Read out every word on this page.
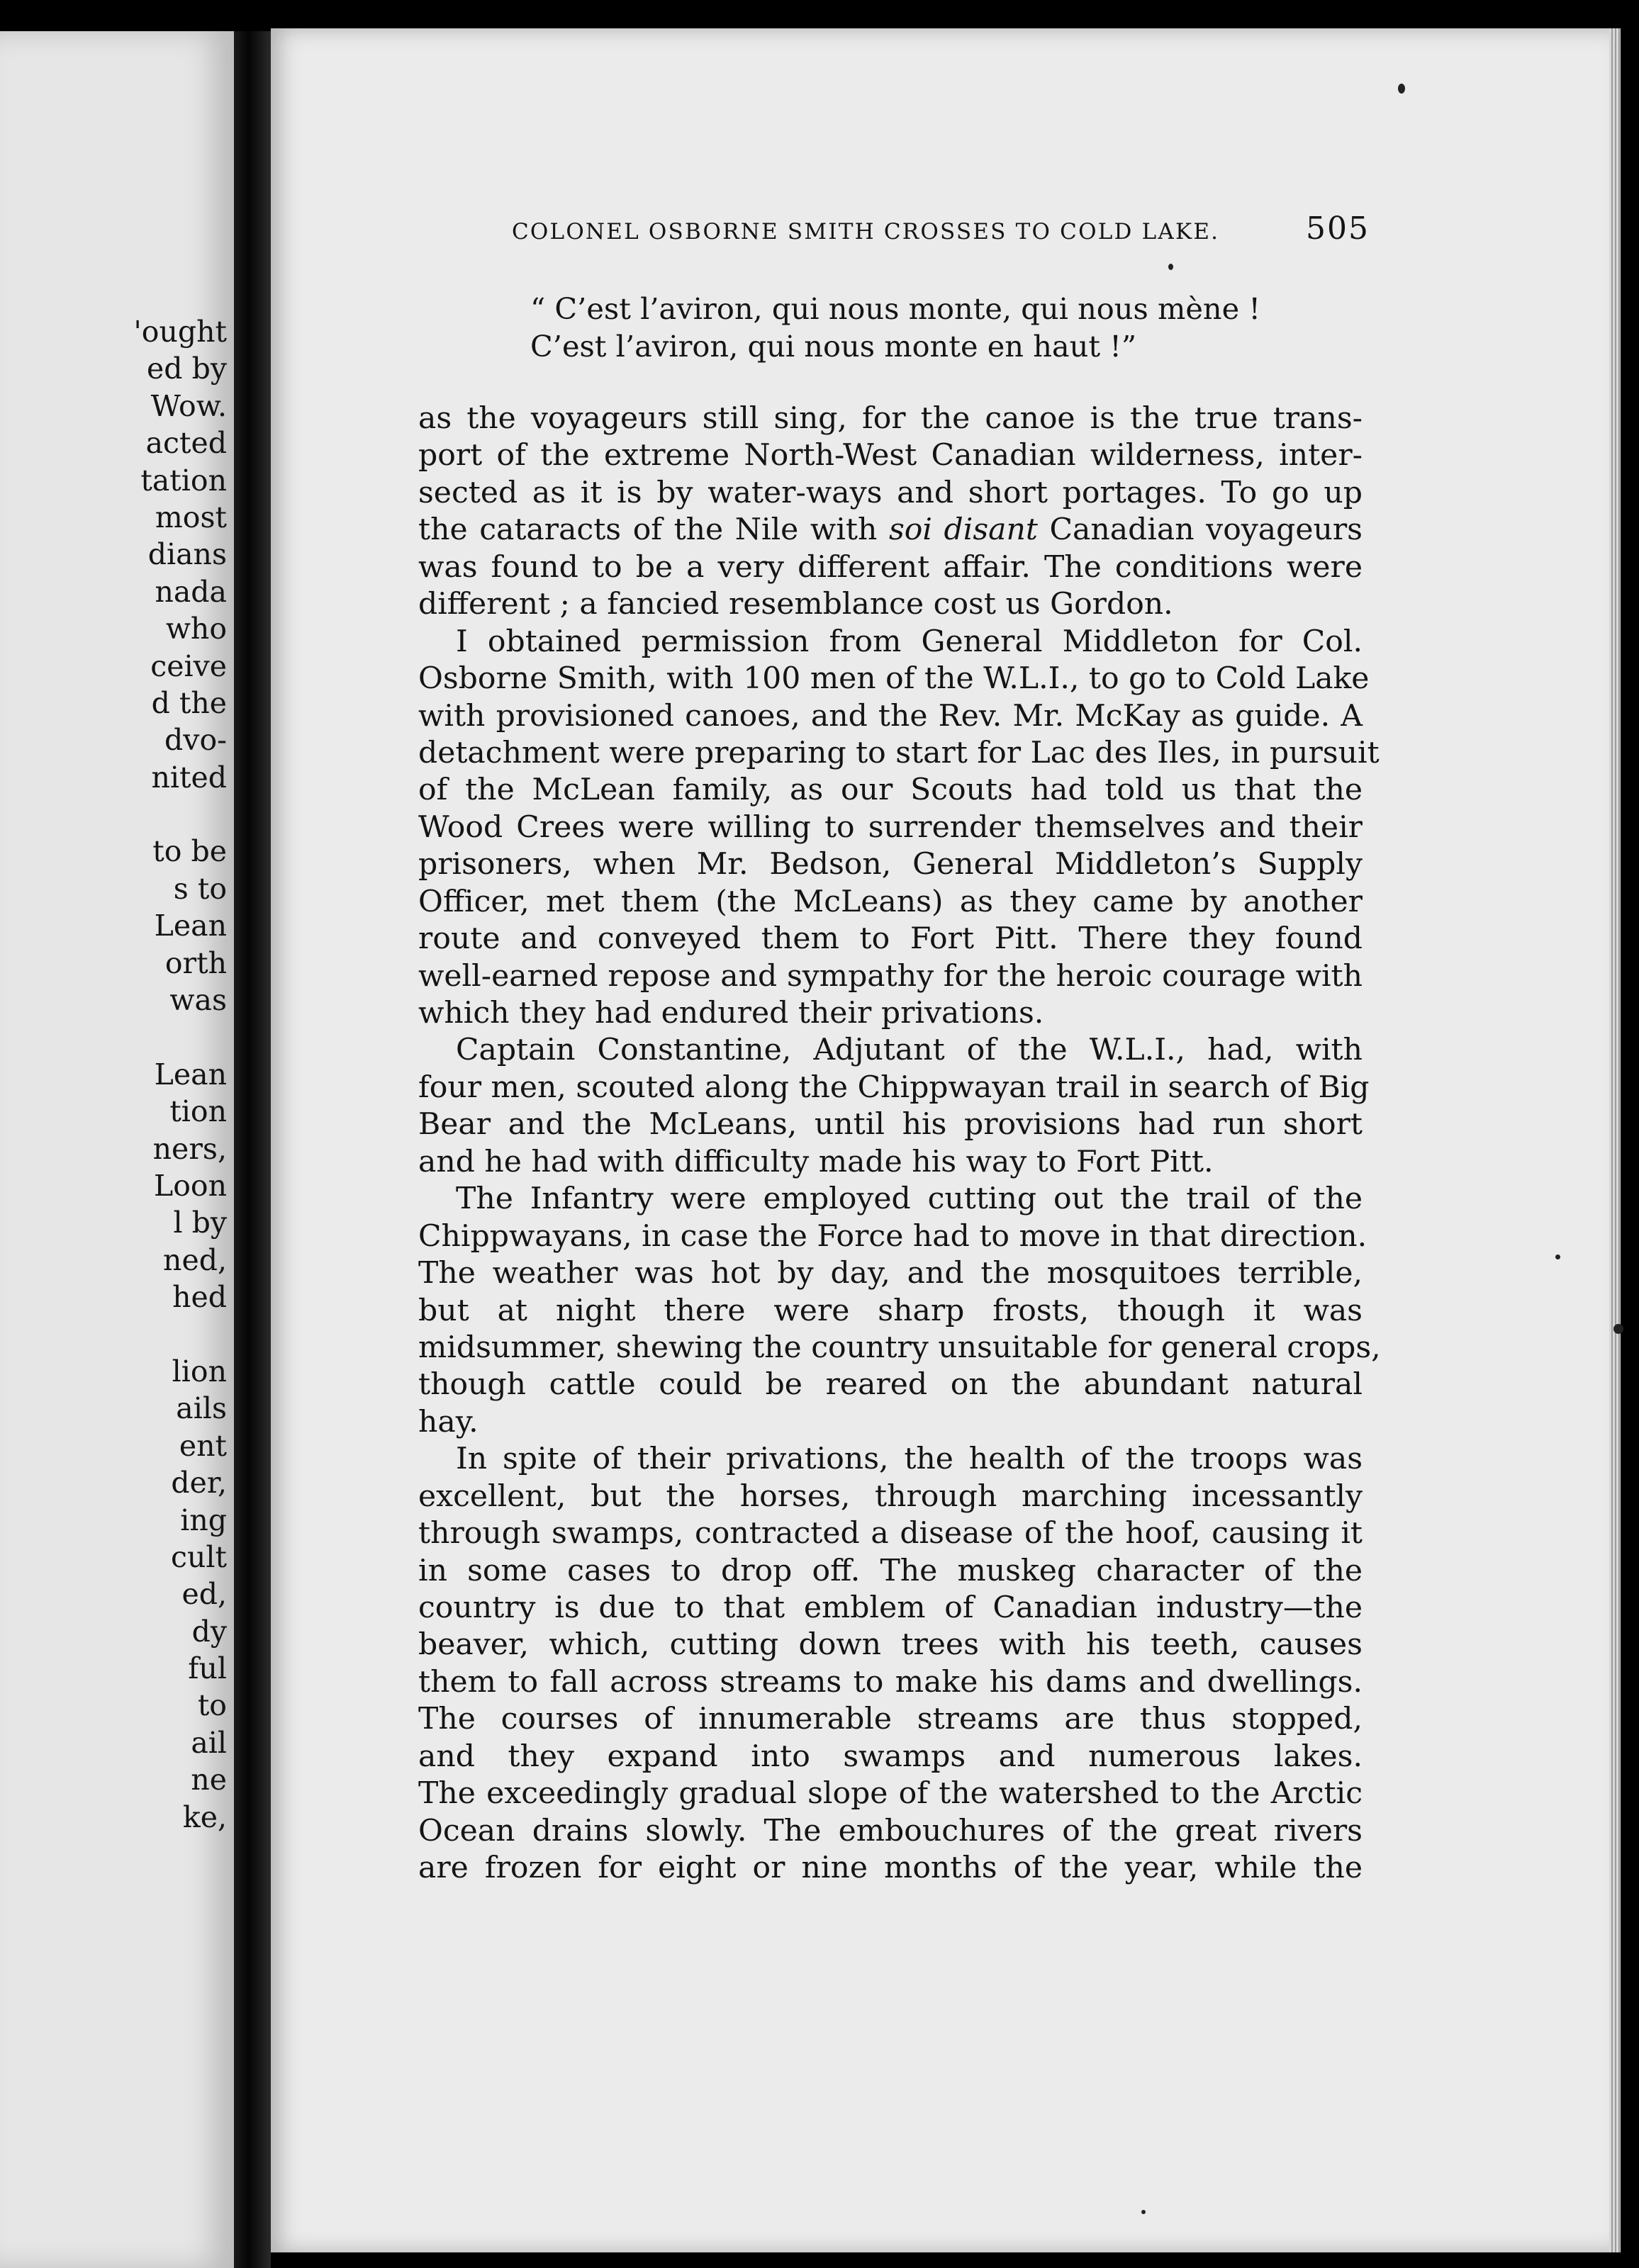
'ought
ed by
Wow.
acted
tation
most
dians
nada
who
ceive
d the
dvo-
nited
to be
s to
Lean
orth
was
Lean
tion
ners,
Loon
l by
ned,
hed
lion
ails
ent
der,
ing
cult
ed,
dy
ful
to
ail
ne
ke,
COLONEL OSBORNE SMITH CROSSES TO COLD LAKE.	505
“ C’est l’aviron, qui nous monte, qui nous mène !
C’est l’aviron, qui nous monte en haut !”
as the voyageurs still sing, for the canoe is the true trans-
port of the extreme North-West Canadian wilderness, inter-
sected as it is by water-ways and short portages. To go up
the cataracts of the Nile with soi disant Canadian voyageurs
was found to be a very different affair. The conditions were
different ; a fancied resemblance cost us Gordon.
I obtained permission from General Middleton for Col.
Osborne Smith, with 100 men of the W.L.I., to go to Cold Lake
with provisioned canoes, and the Rev. Mr. McKay as guide. A
detachment were preparing to start for Lac des Iles, in pursuit
of the McLean family, as our Scouts had told us that the
Wood Crees were willing to surrender themselves and their
prisoners, when Mr. Bedson, General Middleton’s Supply
Officer, met them (the McLeans) as they came by another
route and conveyed them to Fort Pitt. There they found
well-earned repose and sympathy for the heroic courage with
which they had endured their privations.
Captain Constantine, Adjutant of the W.L.I., had, with
four men, scouted along the Chippwayan trail in search of Big
Bear and the McLeans, until his provisions had run short
and he had with difficulty made his way to Fort Pitt.
The Infantry were employed cutting out the trail of the
Chippwayans, in case the Force had to move in that direction.
The weather was hot by day, and the mosquitoes terrible,
but at night there were sharp frosts, though it was
midsummer, shewing the country unsuitable for general crops,
though cattle could be reared on the abundant natural
hay.
In spite of their privations, the health of the troops was
excellent, but the horses, through marching incessantly
through swamps, contracted a disease of the hoof, causing it
in some cases to drop off. The muskeg character of the
country is due to that emblem of Canadian industry—the
beaver, which, cutting down trees with his teeth, causes
them to fall across streams to make his dams and dwellings.
The courses of innumerable streams are thus stopped,
and they expand into swamps and numerous lakes.
The exceedingly gradual slope of the watershed to the Arctic
Ocean drains slowly. The embouchures of the great rivers
are frozen for eight or nine months of the year, while the
